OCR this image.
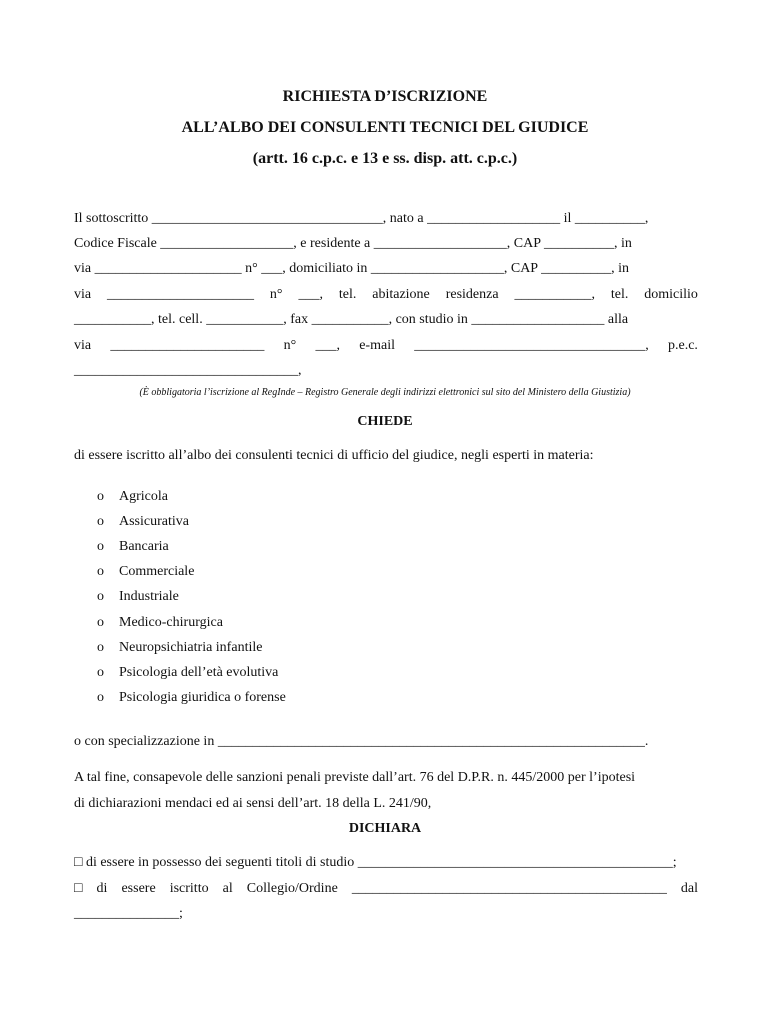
RICHIESTA D’ISCRIZIONE
ALL’ALBO DEI CONSULENTI TECNICI DEL GIUDICE
(artt. 16 c.p.c. e 13 e ss. disp. att. c.p.c.)
Il sottoscritto _________________________________, nato a ___________________ il __________,
Codice Fiscale ___________________, e residente a ___________________, CAP __________, in
via _____________________ n° ___, domiciliato in ___________________, CAP __________, in
via _____________________ n° ___, tel. abitazione residenza ___________, tel. domicilio
___________, tel. cell. ___________, fax ___________, con studio in ___________________ alla
via ______________________ n° ___, e-mail _________________________________, p.e.c.
________________________________,
(È obbligatoria l’iscrizione al RegInde – Registro Generale degli indirizzi elettronici sul sito del Ministero della Giustizia)
CHIEDE
di essere iscritto all’albo dei consulenti tecnici di ufficio del giudice, negli esperti in materia:
o Agricola
o Assicurativa
o Bancaria
o Commerciale
o Industriale
o Medico-chirurgica
o Neuropsichiatria infantile
o Psicologia dell’età evolutiva
o Psicologia giuridica o forense
o con specializzazione in _____________________________________________________________.
A tal fine, consapevole delle sanzioni penali previste dall’art. 76 del D.P.R. n. 445/2000 per l’ipotesi
di dichiarazioni mendaci ed ai sensi dell’art. 18 della L. 241/90,
DICHIARA
□ di essere in possesso dei seguenti titoli di studio _____________________________________________;
□ di essere iscritto al Collegio/Ordine _____________________________________________ dal
_______________;
